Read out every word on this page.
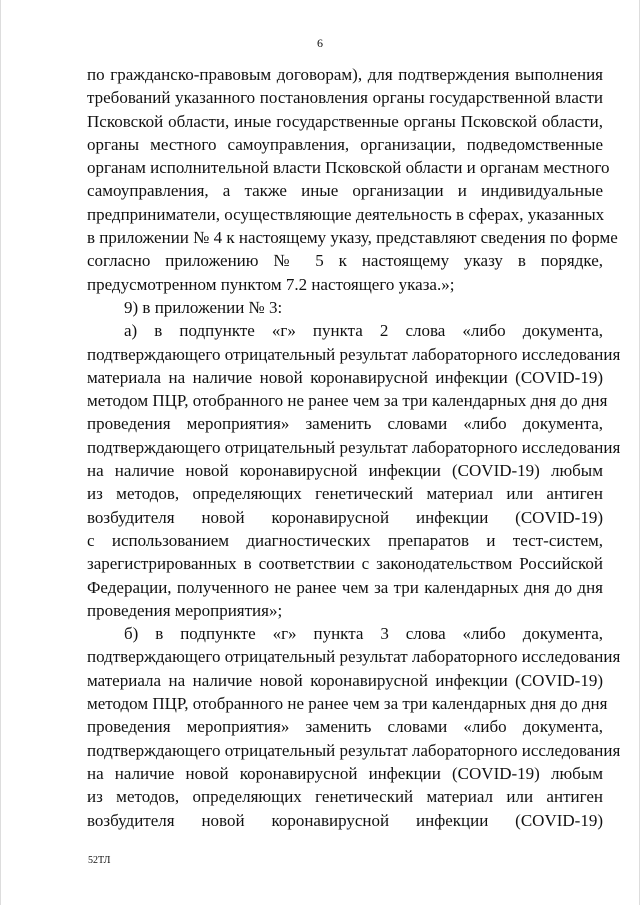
6
по гражданско-правовым договорам), для подтверждения выполнения
требований указанного постановления органы государственной власти
Псковской области, иные государственные органы Псковской области,
органы местного самоуправления, организации, подведомственные
органам исполнительной власти Псковской области и органам местного
самоуправления, а также иные организации и индивидуальные
предприниматели, осуществляющие деятельность в сферах, указанных
в приложении № 4 к настоящему указу, представляют сведения по форме
согласно приложению № 5 к настоящему указу в порядке,
предусмотренном пунктом 7.2 настоящего указа.»;
9) в приложении № 3:
а) в подпункте «г» пункта 2 слова «либо документа,
подтверждающего отрицательный результат лабораторного исследования
материала на наличие новой коронавирусной инфекции (COVID-19)
методом ПЦР, отобранного не ранее чем за три календарных дня до дня
проведения мероприятия» заменить словами «либо документа,
подтверждающего отрицательный результат лабораторного исследования
на наличие новой коронавирусной инфекции (COVID-19) любым
из методов, определяющих генетический материал или антиген
возбудителя новой коронавирусной инфекции (COVID-19)
с использованием диагностических препаратов и тест-систем,
зарегистрированных в соответствии с законодательством Российской
Федерации, полученного не ранее чем за три календарных дня до дня
проведения мероприятия»;
б) в подпункте «г» пункта 3 слова «либо документа,
подтверждающего отрицательный результат лабораторного исследования
материала на наличие новой коронавирусной инфекции (COVID-19)
методом ПЦР, отобранного не ранее чем за три календарных дня до дня
проведения мероприятия» заменить словами «либо документа,
подтверждающего отрицательный результат лабораторного исследования
на наличие новой коронавирусной инфекции (COVID-19) любым
из методов, определяющих генетический материал или антиген
возбудителя новой коронавирусной инфекции (COVID-19)
52ТЛ
